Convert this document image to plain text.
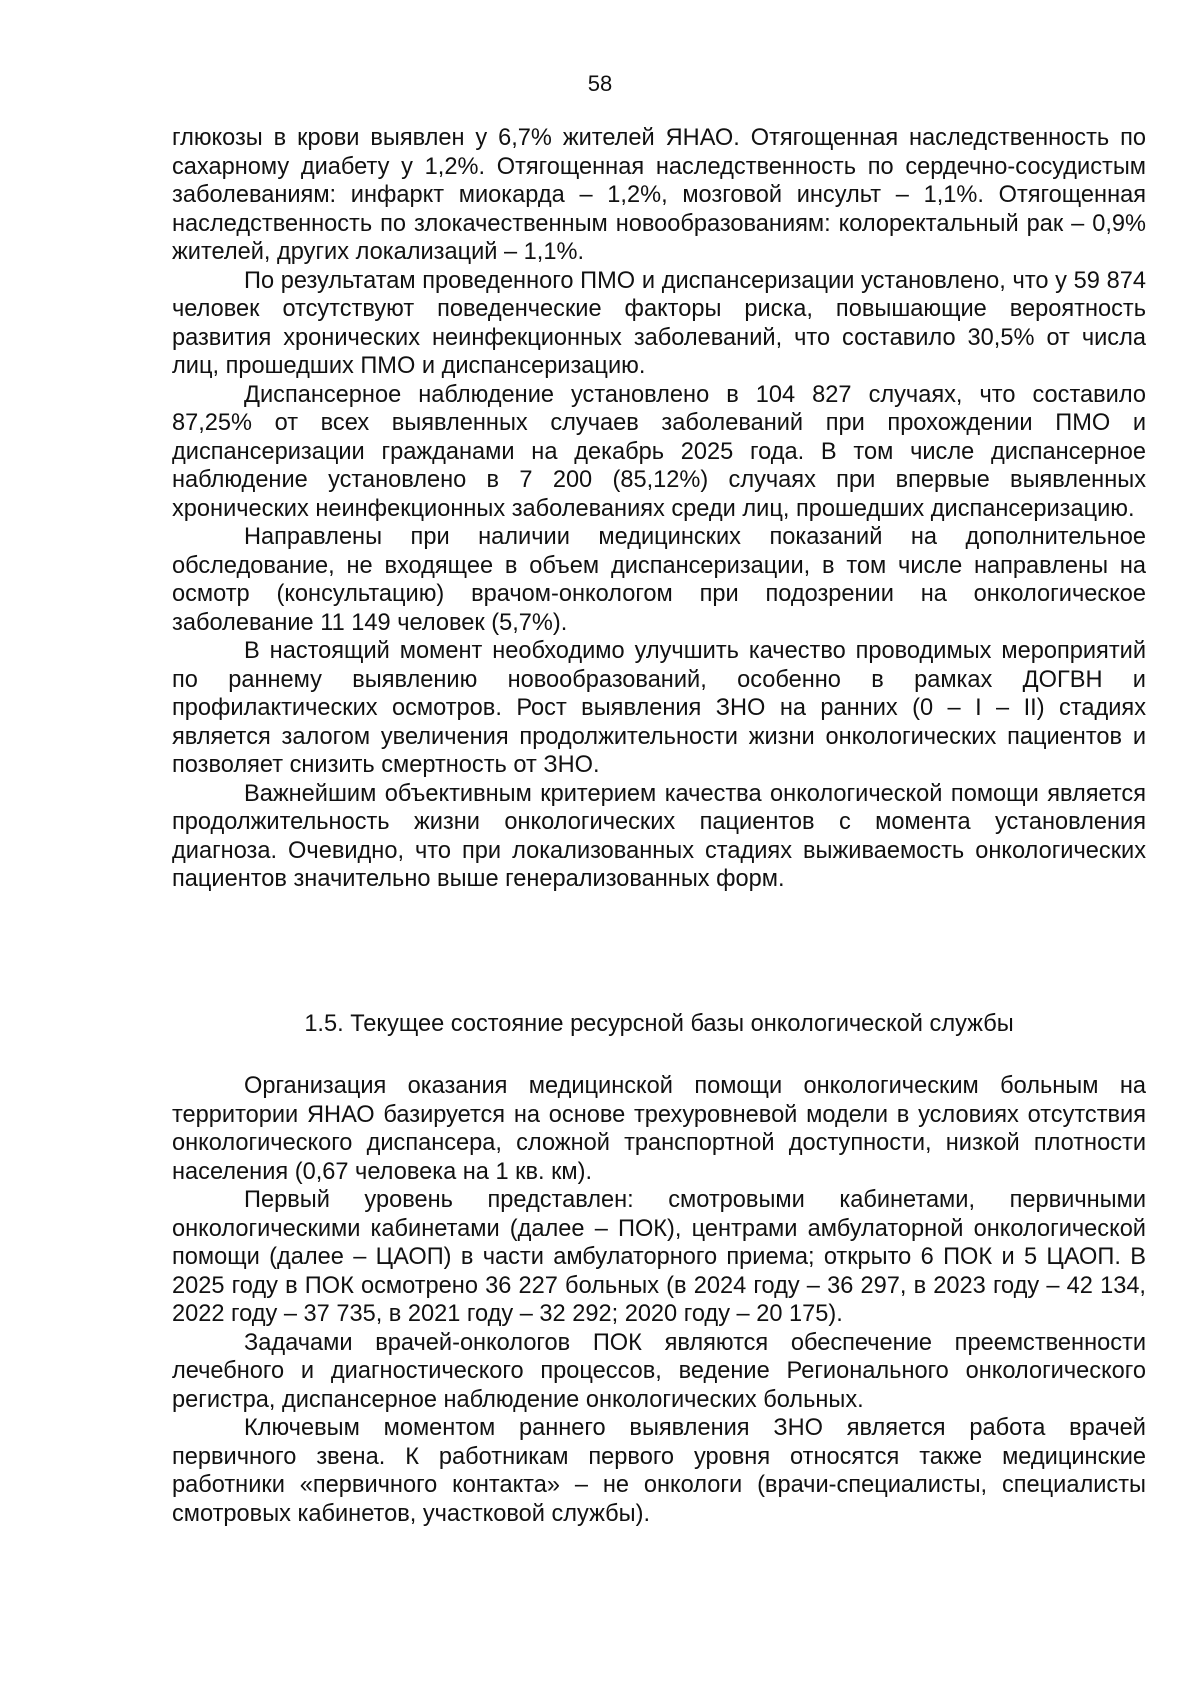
58

глюкозы в крови выявлен у 6,7% жителей ЯНАО. Отягощенная наследственность по сахарному диабету у 1,2%. Отягощенная наследственность по сердечно-сосудистым заболеваниям: инфаркт миокарда – 1,2%, мозговой инсульт – 1,1%. Отягощенная наследственность по злокачественным новообразованиям: колоректальный рак – 0,9% жителей, других локализаций – 1,1%.

По результатам проведенного ПМО и диспансеризации установлено, что у 59 874 человек отсутствуют поведенческие факторы риска, повышающие вероятность развития хронических неинфекционных заболеваний, что составило 30,5% от числа лиц, прошедших ПМО и диспансеризацию.

Диспансерное наблюдение установлено в 104 827 случаях, что составило 87,25% от всех выявленных случаев заболеваний при прохождении ПМО и диспансеризации гражданами на декабрь 2025 года. В том числе диспансерное наблюдение установлено в 7 200 (85,12%) случаях при впервые выявленных хронических неинфекционных заболеваниях среди лиц, прошедших диспансеризацию.

Направлены при наличии медицинских показаний на дополнительное обследование, не входящее в объем диспансеризации, в том числе направлены на осмотр (консультацию) врачом-онкологом при подозрении на онкологическое заболевание 11 149 человек (5,7%).

В настоящий момент необходимо улучшить качество проводимых мероприятий по раннему выявлению новообразований, особенно в рамках ДОГВН и профилактических осмотров. Рост выявления ЗНО на ранних (0 – I – II) стадиях является залогом увеличения продолжительности жизни онкологических пациентов и позволяет снизить смертность от ЗНО.

Важнейшим объективным критерием качества онкологической помощи является продолжительность жизни онкологических пациентов с момента установления диагноза. Очевидно, что при локализованных стадиях выживаемость онкологических пациентов значительно выше генерализованных форм.

1.5. Текущее состояние ресурсной базы онкологической службы

Организация оказания медицинской помощи онкологическим больным на территории ЯНАО базируется на основе трехуровневой модели в условиях отсутствия онкологического диспансера, сложной транспортной доступности, низкой плотности населения (0,67 человека на 1 кв. км).

Первый уровень представлен: смотровыми кабинетами, первичными онкологическими кабинетами (далее – ПОК), центрами амбулаторной онкологической помощи (далее – ЦАОП) в части амбулаторного приема; открыто 6 ПОК и 5 ЦАОП. В 2025 году в ПОК осмотрено 36 227 больных (в 2024 году – 36 297, в 2023 году – 42 134, 2022 году – 37 735, в 2021 году – 32 292; 2020 году – 20 175).

Задачами врачей-онкологов ПОК являются обеспечение преемственности лечебного и диагностического процессов, ведение Регионального онкологического регистра, диспансерное наблюдение онкологических больных.

Ключевым моментом раннего выявления ЗНО является работа врачей первичного звена. К работникам первого уровня относятся также медицинские работники «первичного контакта» – не онкологи (врачи-специалисты, специалисты смотровых кабинетов, участковой службы).
